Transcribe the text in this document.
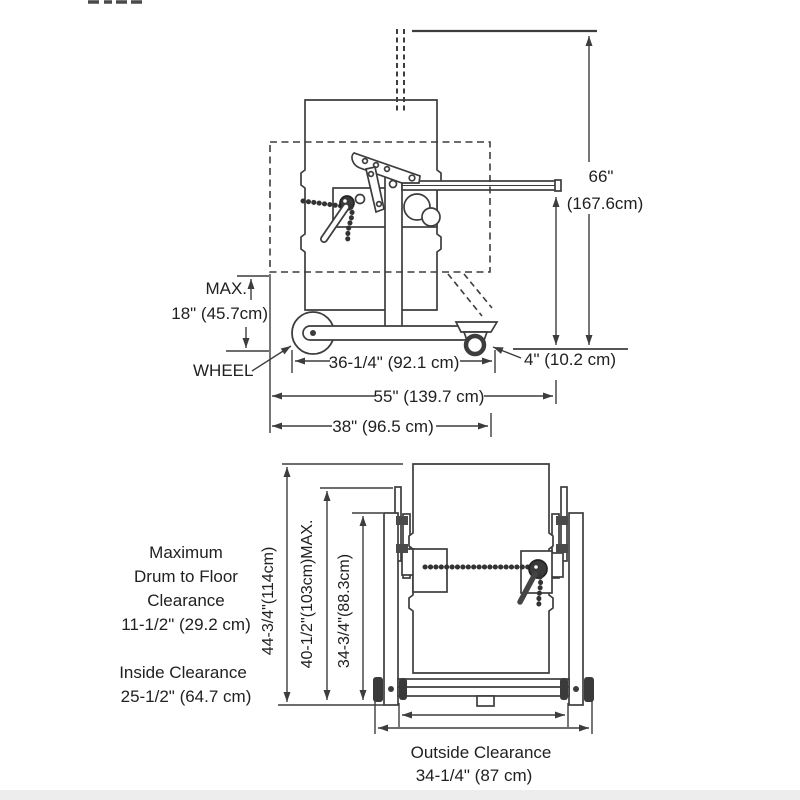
66"
(167.6cm)
MAX.
18" (45.7cm)
WHEEL	36-1/4" (92.1 cm)	4" (10.2 cm)
55" (139.7 cm)
38" (96.5 cm)
44-3/4"(114cm) 40-1/2"(103cm)MAX. 34-3/4"(88.3cm)
Maximum
Drum to Floor
Clearance
11-1/2" (29.2 cm)
Inside Clearance
25-1/2" (64.7 cm)
Outside Clearance
34-1/4" (87 cm)
